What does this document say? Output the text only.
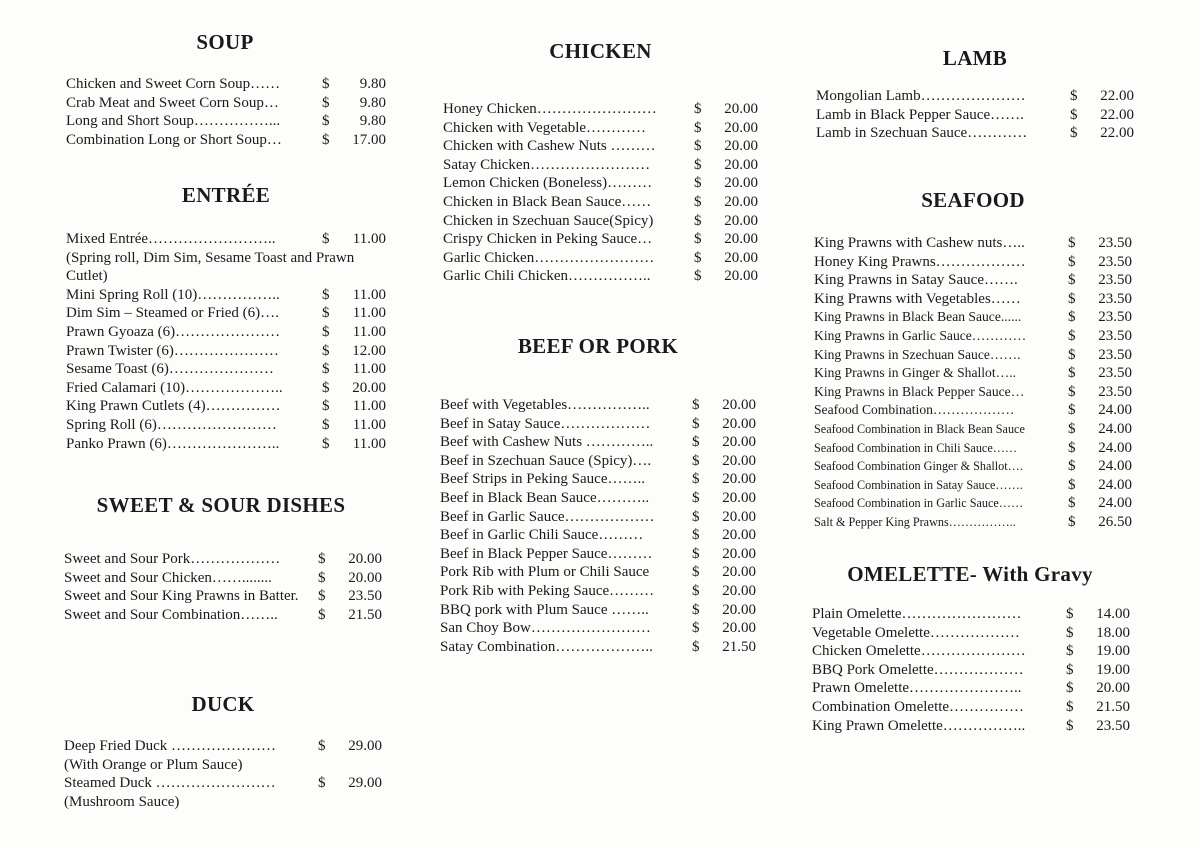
SOUP
Chicken and Sweet Corn Soup……	$	9.80
Crab Meat and Sweet Corn Soup…	$	9.80
Long and Short Soup……………...	$	9.80
Combination Long or Short Soup…	$	17.00
ENTRÉE
Mixed Entrée……………………..	$	11.00
(Spring roll, Dim Sim, Sesame Toast and Prawn Cutlet)
Mini Spring Roll (10)……………..	$	11.00
Dim Sim – Steamed or Fried (6)….	$	11.00
Prawn Gyoaza (6)…………………	$	11.00
Prawn Twister (6)…………………	$	12.00
Sesame Toast (6)…………………	$	11.00
Fried Calamari (10)………………..	$	20.00
King Prawn Cutlets (4)……………	$	11.00
Spring Roll (6)……………………	$	11.00
Panko Prawn (6)…………………..	$	11.00
SWEET & SOUR DISHES
Sweet and Sour Pork………………	$	20.00
Sweet and Sour Chicken……........	$	20.00
Sweet and Sour King Prawns in Batter.	$	23.50
Sweet and Sour Combination……..	$	21.50
DUCK
Deep Fried Duck …………………	$	29.00
(With Orange or Plum Sauce)
Steamed Duck ……………………	$	29.00
(Mushroom Sauce)
CHICKEN
Honey Chicken……………………	$	20.00
Chicken with Vegetable…………	$	20.00
Chicken with Cashew Nuts ………	$	20.00
Satay Chicken……………………	$	20.00
Lemon Chicken (Boneless)………	$	20.00
Chicken in Black Bean Sauce……	$	20.00
Chicken in Szechuan Sauce(Spicy)	$	20.00
Crispy Chicken in Peking Sauce…	$	20.00
Garlic Chicken……………………	$	20.00
Garlic Chili Chicken……………..	$	20.00
BEEF OR PORK
Beef with Vegetables……………..	$	20.00
Beef in Satay Sauce………………	$	20.00
Beef with Cashew Nuts …………..	$	20.00
Beef in Szechuan Sauce (Spicy)….	$	20.00
Beef Strips in Peking Sauce……..	$	20.00
Beef in Black Bean Sauce………..	$	20.00
Beef in Garlic Sauce………………	$	20.00
Beef in Garlic Chili Sauce………	$	20.00
Beef in Black Pepper Sauce………	$	20.00
Pork Rib with Plum or Chili Sauce	$	20.00
Pork Rib with Peking Sauce………	$	20.00
BBQ pork with Plum Sauce ……..	$	20.00
San Choy Bow……………………	$	20.00
Satay Combination………………..	$	21.50
LAMB
Mongolian Lamb…………………	$	22.00
Lamb in Black Pepper Sauce…….	$	22.00
Lamb in Szechuan Sauce…………	$	22.00
SEAFOOD
King Prawns with Cashew nuts…..	$	23.50
Honey King Prawns………………	$	23.50
King Prawns in Satay Sauce…….	$	23.50
King Prawns with Vegetables……	$	23.50
King Prawns in Black Bean Sauce......	$	23.50
King Prawns in Garlic Sauce…………	$	23.50
King Prawns in Szechuan Sauce…….	$	23.50
King Prawns in Ginger & Shallot…..	$	23.50
King Prawns in Black Pepper Sauce…	$	23.50
Seafood Combination………………	$	24.00
Seafood Combination in Black Bean Sauce	$	24.00
Seafood Combination in Chili Sauce……	$	24.00
Seafood Combination Ginger & Shallot….	$	24.00
Seafood Combination in Satay Sauce…….	$	24.00
Seafood Combination in Garlic Sauce……	$	24.00
Salt & Pepper King Prawns……………..	$	26.50
OMELETTE- With Gravy
Plain Omelette……………………	$	14.00
Vegetable Omelette………………	$	18.00
Chicken Omelette…………………	$	19.00
BBQ Pork Omelette………………	$	19.00
Prawn Omelette…………………..	$	20.00
Combination Omelette……………	$	21.50
King Prawn Omelette……………..	$	23.50
